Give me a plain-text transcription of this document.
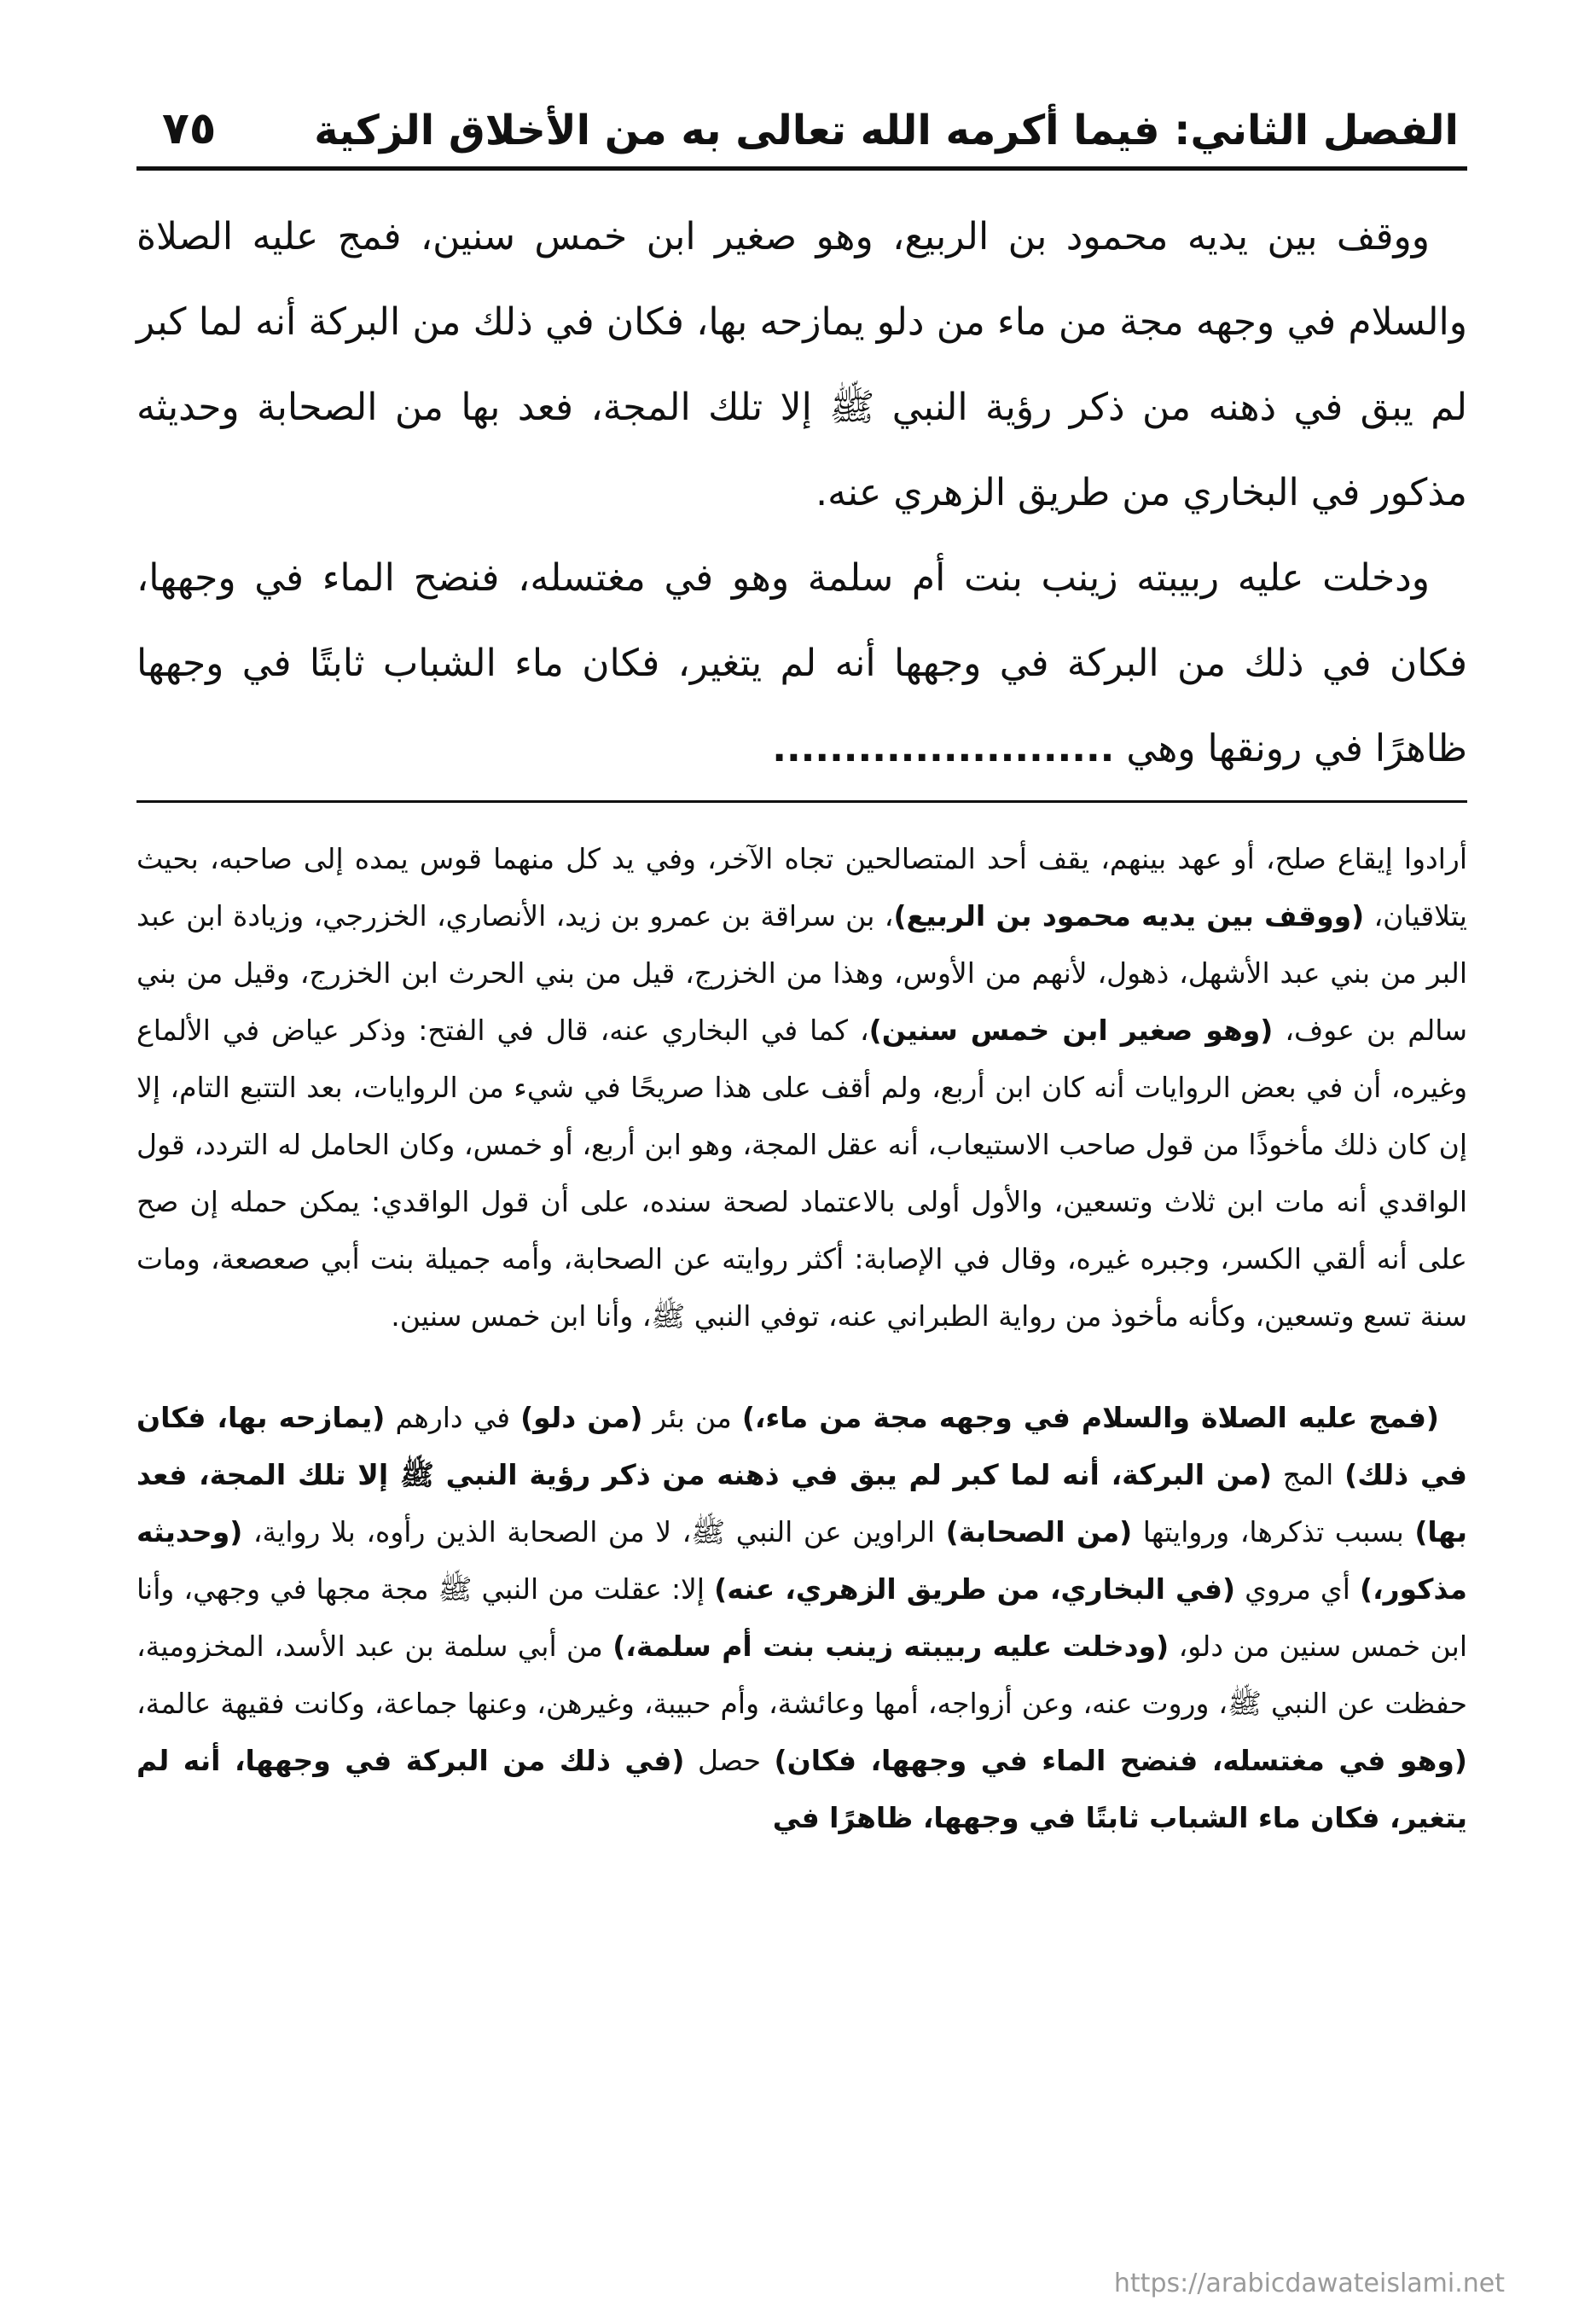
الفصل الثاني: فيما أكرمه الله تعالى به من الأخلاق الزكية
٧٥

 ووقف بين يديه محمود بن الربيع، وهو صغير ابن خمس سنين، فمج عليه الصلاة والسلام في وجهه مجة من ماء من دلو يمازحه بها، فكان في ذلك من البركة أنه لما كبر لم يبق في ذهنه من ذكر رؤية النبي ﷺ إلا تلك المجة، فعد بها من الصحابة وحديثه مذكور في البخاري من طريق الزهري عنه.

 ودخلت عليه ربيبته زينب بنت أم سلمة وهو في مغتسله، فنضح الماء في وجهها، فكان في ذلك من البركة في وجهها أنه لم يتغير، فكان ماء الشباب ثابتًا في وجهها ظاهرًا في رونقها وهي ........................

أرادوا إيقاع صلح، أو عهد بينهم، يقف أحد المتصالحين تجاه الآخر، وفي يد كل منهما قوس يمده إلى صاحبه، بحيث يتلاقيان، (ووقف بين يديه محمود بن الربيع)، بن سراقة بن عمرو بن زيد، الأنصاري، الخزرجي، وزيادة ابن عبد البر من بني عبد الأشهل، ذهول، لأنهم من الأوس، وهذا من الخزرج، قيل من بني الحرث ابن الخزرج، وقيل من بني سالم بن عوف، (وهو صغير ابن خمس سنين)، كما في البخاري عنه، قال في الفتح: وذكر عياض في الألماع وغيره، أن في بعض الروايات أنه كان ابن أربع، ولم أقف على هذا صريحًا في شيء من الروايات، بعد التتبع التام، إلا إن كان ذلك مأخوذًا من قول صاحب الاستيعاب، أنه عقل المجة، وهو ابن أربع، أو خمس، وكان الحامل له التردد، قول الواقدي أنه مات ابن ثلاث وتسعين، والأول أولى بالاعتماد لصحة سنده، على أن قول الواقدي: يمكن حمله إن صح على أنه ألقي الكسر، وجبره غيره، وقال في الإصابة: أكثر روايته عن الصحابة، وأمه جميلة بنت أبي صعصعة، ومات سنة تسع وتسعين، وكأنه مأخوذ من رواية الطبراني عنه، توفي النبي ﷺ، وأنا ابن خمس سنين.

 (فمج عليه الصلاة والسلام في وجهه مجة من ماء،) من بئر (من دلو) في دارهم (يمازحه بها، فكان في ذلك) المج (من البركة، أنه لما كبر لم يبق في ذهنه من ذكر رؤية النبي ﷺ إلا تلك المجة، فعد بها) بسبب تذكرها، وروايتها (من الصحابة) الراوين عن النبي ﷺ، لا من الصحابة الذين رأوه، بلا رواية، (وحديثه مذكور،) أي مروي (في البخاري، من طريق الزهري، عنه) إلا: عقلت من النبي ﷺ مجة مجها في وجهي، وأنا ابن خمس سنين من دلو، (ودخلت عليه ربيبته زينب بنت أم سلمة،) من أبي سلمة بن عبد الأسد، المخزومية، حفظت عن النبي ﷺ، وروت عنه، وعن أزواجه، أمها وعائشة، وأم حبيبة، وغيرهن، وعنها جماعة، وكانت فقيهة عالمة، (وهو في مغتسله، فنضح الماء في وجهها، فكان) حصل (في ذلك من البركة في وجهها، أنه لم يتغير، فكان ماء الشباب ثابتًا في وجهها، ظاهرًا في

https://arabicdawateislami.net
